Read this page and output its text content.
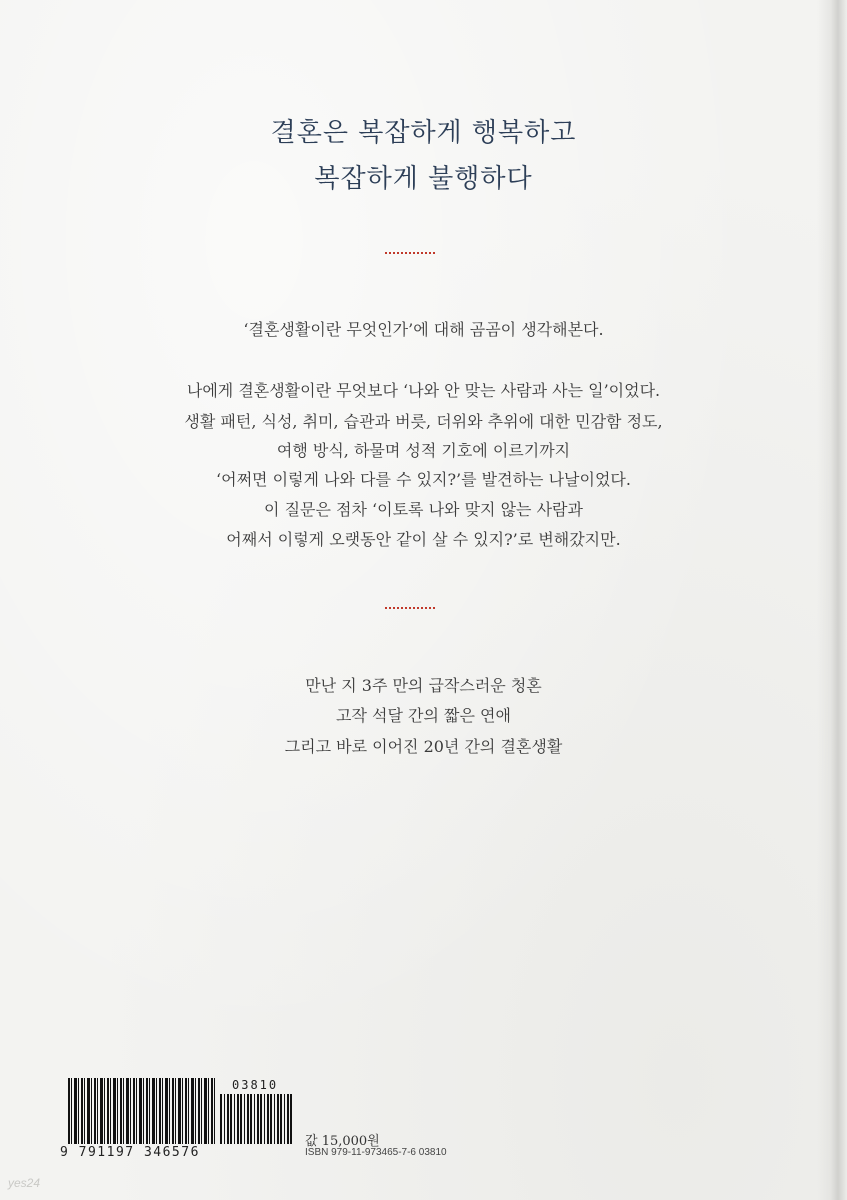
결혼은 복잡하게 행복하고
복잡하게 불행하다
‘결혼생활이란 무엇인가’에 대해 곰곰이 생각해본다.
나에게 결혼생활이란 무엇보다 ‘나와 안 맞는 사람과 사는 일’이었다.
생활 패턴, 식성, 취미, 습관과 버릇, 더위와 추위에 대한 민감함 정도,
여행 방식, 하물며 성적 기호에 이르기까지
‘어쩌면 이렇게 나와 다를 수 있지?’를 발견하는 나날이었다.
이 질문은 점차 ‘이토록 나와 맞지 않는 사람과
어째서 이렇게 오랫동안 같이 살 수 있지?’로 변해갔지만.
만난 지 3주 만의 급작스러운 청혼
고작 석달 간의 짧은 연애
그리고 바로 이어진 20년 간의 결혼생활
03810
9 791197 346576
값 15,000원
ISBN 979-11-973465-7-6 03810
yes24
